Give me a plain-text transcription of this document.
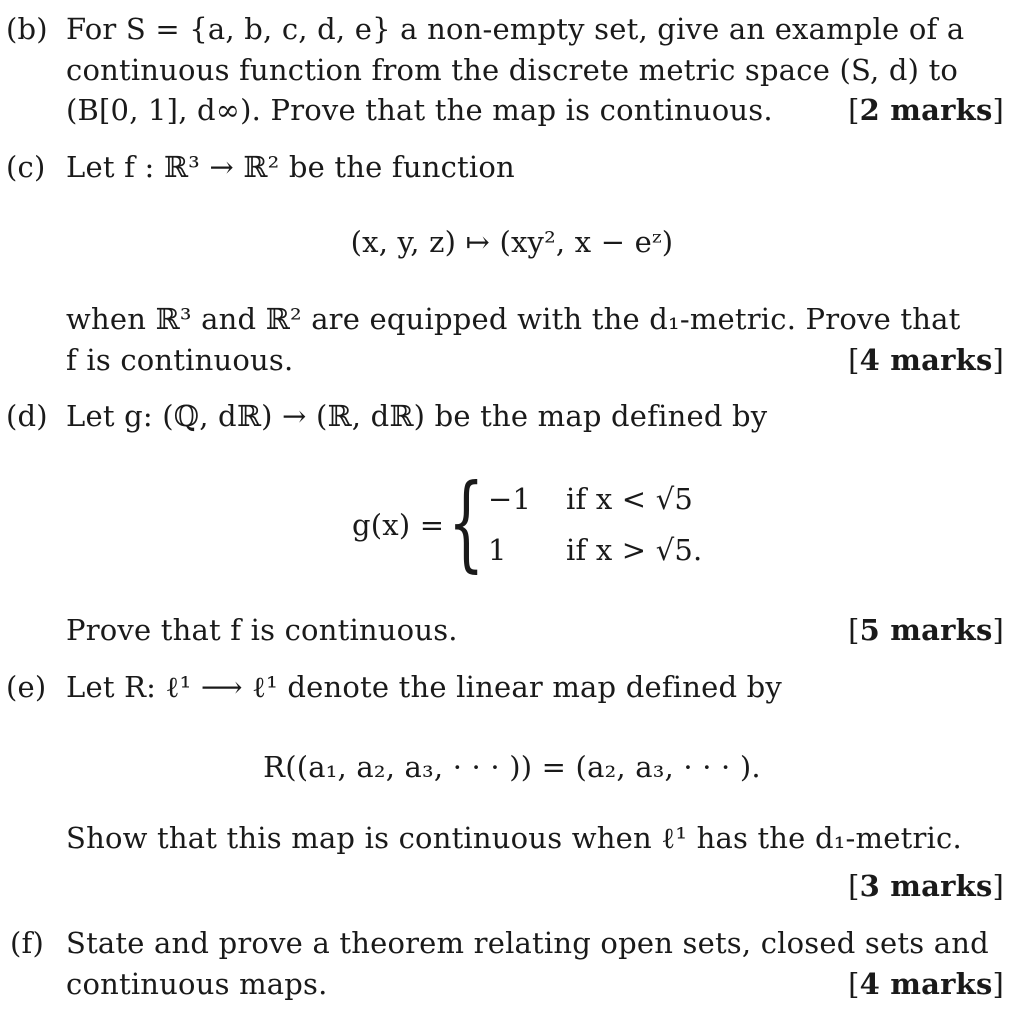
(b) For S = {a, b, c, d, e} a non-empty set, give an example of a
continuous function from the discrete metric space (S, d) to
(B[0, 1], d∞). Prove that the map is continuous.	[2 marks]
(c) Let f : ℝ³ → ℝ² be the function
(x, y, z) ↦ (xy², x − eᶻ)
when ℝ³ and ℝ² are equipped with the d₁-metric. Prove that
f is continuous.	[4 marks]
(d) Let g: (ℚ, dℝ) → (ℝ, dℝ) be the map defined by
g(x) = { −1 if x < √5
1 if x > √5.
Prove that f is continuous.	[5 marks]
(e) Let R: ℓ¹ ⟶ ℓ¹ denote the linear map defined by
R((a₁, a₂, a₃, · · · )) = (a₂, a₃, · · · ).
Show that this map is continuous when ℓ¹ has the d₁-metric.
[3 marks]
(f) State and prove a theorem relating open sets, closed sets and
continuous maps.	[4 marks]
